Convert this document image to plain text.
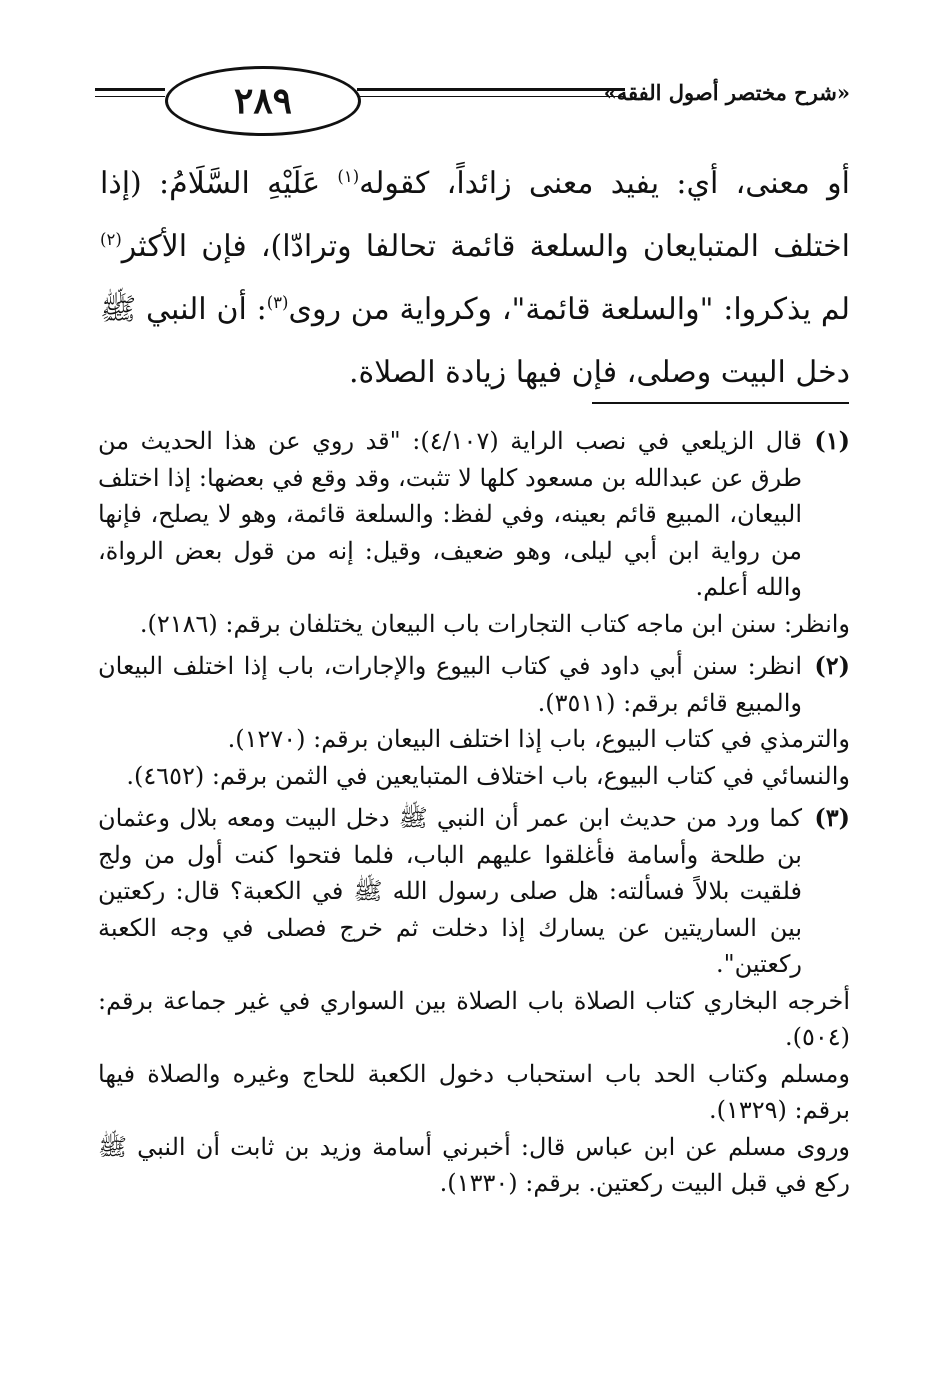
٢٨٩	«شرح مختصر أصول الفقه»

أو معنى، أي: يفيد معنى زائداً، كقوله$^{(١)}$ عَلَيْهِ السَّلَامُ: (إذا اختلف المتبايعان والسلعة قائمة تحالفا وترادّا)، فإن الأكثر$^{(٢)}$ لم يذكروا: "والسلعة قائمة"، وكرواية من روى$^{(٣)}$: أن النبي ﷺ دخل البيت وصلى، فإن فيها زيادة الصلاة.

(١)

قال الزيلعي في نصب الراية (٤/١٠٧): "قد روي عن هذا الحديث من طرق عن عبدالله بن مسعود كلها لا تثبت، وقد وقع في بعضها: إذا اختلف البيعان، المبيع قائم بعينه، وفي لفظ: والسلعة قائمة، وهو لا يصلح، فإنها من رواية ابن أبي ليلى، وهو ضعيف، وقيل: إنه من قول بعض الرواة، والله أعلم.

وانظر: سنن ابن ماجه كتاب التجارات باب البيعان يختلفان برقم: (٢١٨٦).

(٢)

انظر: سنن أبي داود في كتاب البيوع والإجارات، باب إذا اختلف البيعان والمبيع قائم برقم: (٣٥١١).

والترمذي في كتاب البيوع، باب إذا اختلف البيعان برقم: (١٢٧٠).

والنسائي في كتاب البيوع، باب اختلاف المتبايعين في الثمن برقم: (٤٦٥٢).

(٣)

كما ورد من حديث ابن عمر أن النبي ﷺ دخل البيت ومعه بلال وعثمان بن طلحة وأسامة فأغلقوا عليهم الباب، فلما فتحوا كنت أول من ولج فلقيت بلالاً فسألته: هل صلى رسول الله ﷺ في الكعبة؟ قال: ركعتين بين الساريتين عن يسارك إذا دخلت ثم خرج فصلى في وجه الكعبة ركعتين".

أخرجه البخاري كتاب الصلاة باب الصلاة بين السواري في غير جماعة برقم: (٥٠٤).

ومسلم وكتاب الحد باب استحباب دخول الكعبة للحاج وغيره والصلاة فيها برقم: (١٣٢٩).

وروى مسلم عن ابن عباس قال: أخبرني أسامة وزيد بن ثابت أن النبي ﷺ ركع في قبل البيت ركعتين. برقم: (١٣٣٠).
